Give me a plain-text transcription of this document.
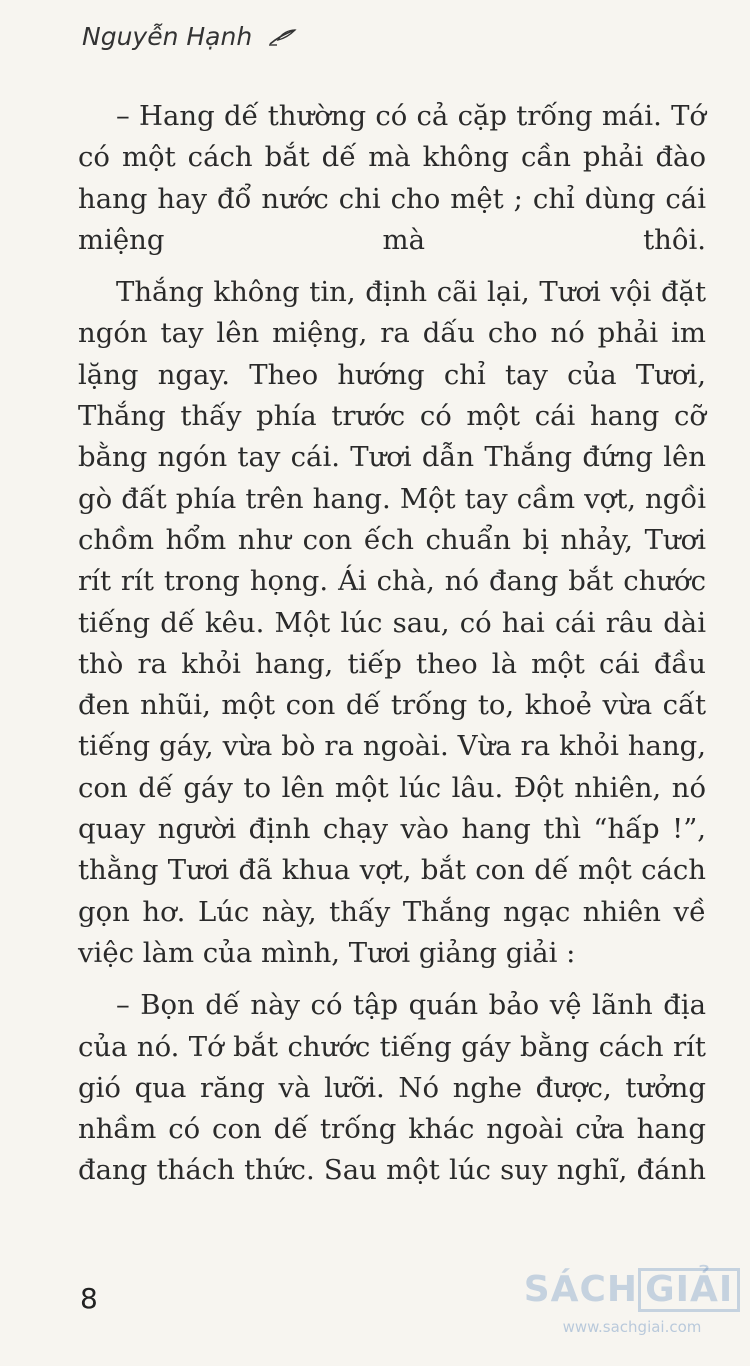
Nguyễn Hạnh

– Hang dế thường có cả cặp trống mái. Tớ có một cách bắt dế mà không cần phải đào hang hay đổ nước chi cho mệt ; chỉ dùng cái miệng mà thôi.

Thắng không tin, định cãi lại, Tươi vội đặt ngón tay lên miệng, ra dấu cho nó phải im lặng ngay. Theo hướng chỉ tay của Tươi, Thắng thấy phía trước có một cái hang cỡ bằng ngón tay cái. Tươi dẫn Thắng đứng lên gò đất phía trên hang. Một tay cầm vợt, ngồi chồm hổm như con ếch chuẩn bị nhảy, Tươi rít rít trong họng. Ái chà, nó đang bắt chước tiếng dế kêu. Một lúc sau, có hai cái râu dài thò ra khỏi hang, tiếp theo là một cái đầu đen nhũi, một con dế trống to, khoẻ vừa cất tiếng gáy, vừa bò ra ngoài. Vừa ra khỏi hang, con dế gáy to lên một lúc lâu. Đột nhiên, nó quay người định chạy vào hang thì “hấp !”, thằng Tươi đã khua vợt, bắt con dế một cách gọn hơ. Lúc này, thấy Thắng ngạc nhiên về việc làm của mình, Tươi giảng giải :

– Bọn dế này có tập quán bảo vệ lãnh địa của nó. Tớ bắt chước tiếng gáy bằng cách rít gió qua răng và lưỡi. Nó nghe được, tưởng nhầm có con dế trống khác ngoài cửa hang đang thách thức. Sau một lúc suy nghĩ, đánh

8	SÁCH GIẢI
www.sachgiai.com
